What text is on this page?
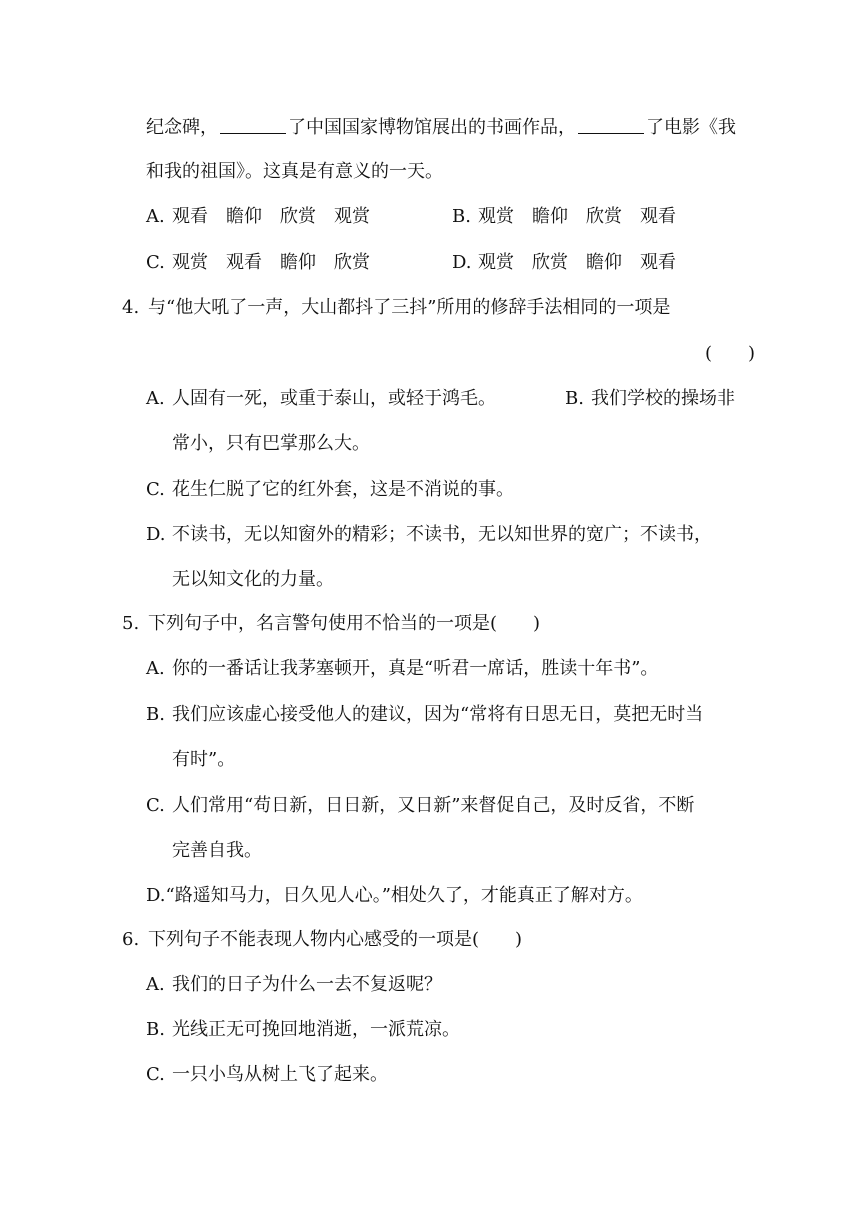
纪念碑，	了中国国家博物馆展出的书画作品，	了电影《我
和我的祖国》。这真是有意义的一天。
A. 观看 瞻仰 欣赏 观赏	B. 观赏 瞻仰 欣赏 观看
C. 观赏 观看 瞻仰 欣赏	D. 观赏 欣赏 瞻仰 观看
4. 与“他大吼了一声，大山都抖了三抖”所用的修辞手法相同的一项是
(　　)
A. 人固有一死，或重于泰山，或轻于鸿毛。	B. 我们学校的操场非
常小，只有巴掌那么大。
C. 花生仁脱了它的红外套，这是不消说的事。
D. 不读书，无以知窗外的精彩；不读书，无以知世界的宽广；不读书，
无以知文化的力量。
5. 下列句子中，名言警句使用不恰当的一项是(　　)
A. 你的一番话让我茅塞顿开，真是“听君一席话，胜读十年书”。
B. 我们应该虚心接受他人的建议，因为“常将有日思无日，莫把无时当
有时”。
C. 人们常用“苟日新，日日新，又日新”来督促自己，及时反省，不断
完善自我。
D.“路遥知马力，日久见人心。”相处久了，才能真正了解对方。
6. 下列句子不能表现人物内心感受的一项是(　　)
A. 我们的日子为什么一去不复返呢？
B. 光线正无可挽回地消逝，一派荒凉。
C. 一只小鸟从树上飞了起来。
